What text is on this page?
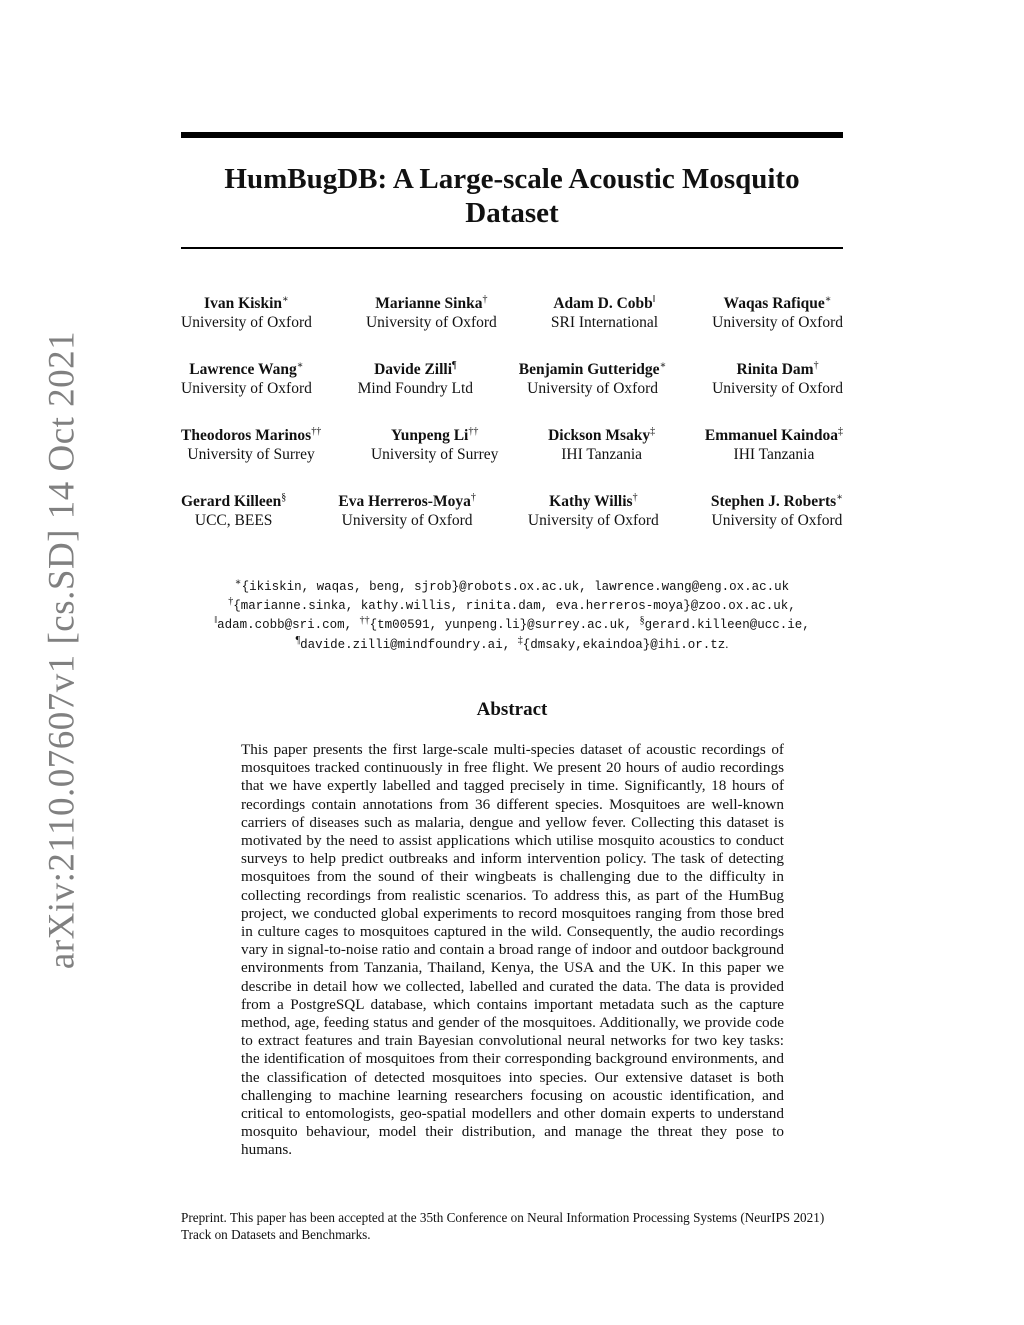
arXiv:2110.07607v1 [cs.SD] 14 Oct 2021
HumBugDB: A Large-scale Acoustic Mosquito Dataset
Ivan Kiskin∗
University of Oxford
Marianne Sinka†
University of Oxford
Adam D. Cobb‖
SRI International
Waqas Rafique∗
University of Oxford
Lawrence Wang∗
University of Oxford
Davide Zilli¶
Mind Foundry Ltd
Benjamin Gutteridge∗
University of Oxford
Rinita Dam†
University of Oxford
Theodoros Marinos††
University of Surrey
Yunpeng Li††
University of Surrey
Dickson Msaky‡
IHI Tanzania
Emmanuel Kaindoa‡
IHI Tanzania
Gerard Killeen§
UCC, BEES
Eva Herreros-Moya†
University of Oxford
Kathy Willis†
University of Oxford
Stephen J. Roberts∗
University of Oxford
∗{ikiskin, waqas, beng, sjrob}@robots.ox.ac.uk, lawrence.wang@eng.ox.ac.uk
†{marianne.sinka, kathy.willis, rinita.dam, eva.herreros-moya}@zoo.ox.ac.uk,
‖adam.cobb@sri.com, ††{tm00591, yunpeng.li}@surrey.ac.uk, §gerard.killeen@ucc.ie,
¶davide.zilli@mindfoundry.ai, ‡{dmsaky,ekaindoa}@ihi.or.tz.
Abstract
This paper presents the first large-scale multi-species dataset of acoustic recordings of mosquitoes tracked continuously in free flight. We present 20 hours of audio recordings that we have expertly labelled and tagged precisely in time. Significantly, 18 hours of recordings contain annotations from 36 different species. Mosquitoes are well-known carriers of diseases such as malaria, dengue and yellow fever. Collecting this dataset is motivated by the need to assist applications which utilise mosquito acoustics to conduct surveys to help predict outbreaks and inform intervention policy. The task of detecting mosquitoes from the sound of their wingbeats is challenging due to the difficulty in collecting recordings from realistic scenarios. To address this, as part of the HumBug project, we conducted global experiments to record mosquitoes ranging from those bred in culture cages to mosquitoes captured in the wild. Consequently, the audio recordings vary in signal-to-noise ratio and contain a broad range of indoor and outdoor background environments from Tanzania, Thailand, Kenya, the USA and the UK. In this paper we describe in detail how we collected, labelled and curated the data. The data is provided from a PostgreSQL database, which contains important metadata such as the capture method, age, feeding status and gender of the mosquitoes. Additionally, we provide code to extract features and train Bayesian convolutional neural networks for two key tasks: the identification of mosquitoes from their corresponding background environments, and the classification of detected mosquitoes into species. Our extensive dataset is both challenging to machine learning researchers focusing on acoustic identification, and critical to entomologists, geo-spatial modellers and other domain experts to understand mosquito behaviour, model their distribution, and manage the threat they pose to humans.
Preprint. This paper has been accepted at the 35th Conference on Neural Information Processing Systems (NeurIPS 2021) Track on Datasets and Benchmarks.
